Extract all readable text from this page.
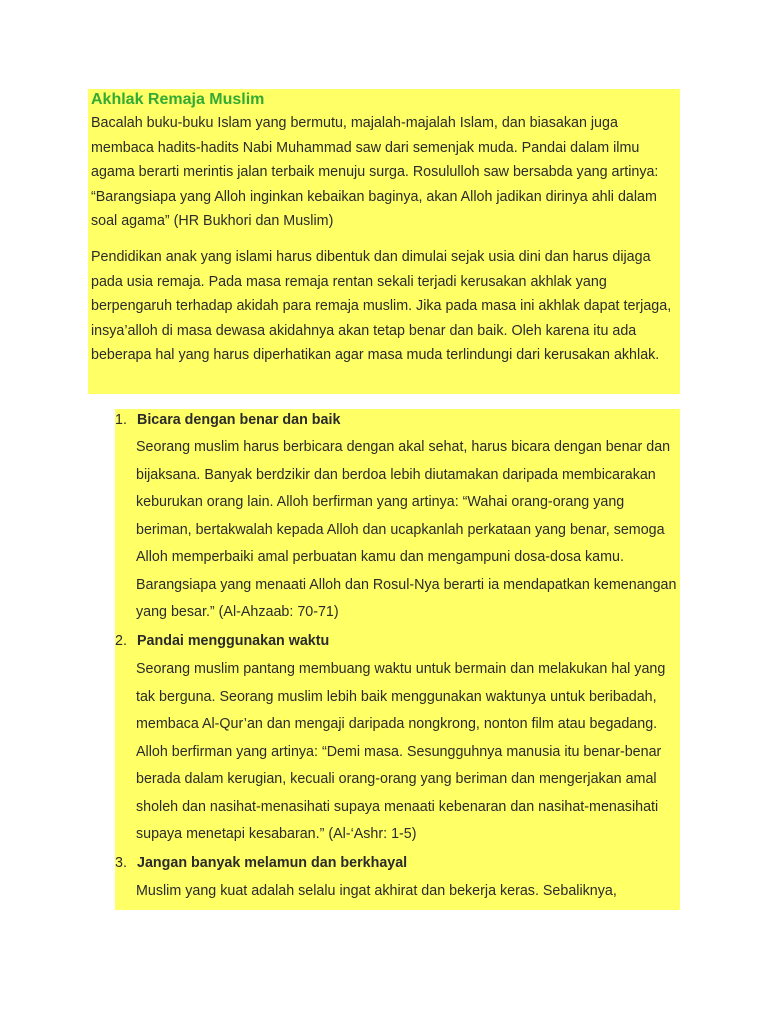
Akhlak Remaja Muslim

Bacalah buku-buku Islam yang bermutu, majalah-majalah Islam, dan biasakan juga membaca hadits-hadits Nabi Muhammad saw dari semenjak muda. Pandai dalam ilmu agama berarti merintis jalan terbaik menuju surga. Rosululloh saw bersabda yang artinya: “Barangsiapa yang Alloh inginkan kebaikan baginya, akan Alloh jadikan dirinya ahli dalam soal agama” (HR Bukhori dan Muslim)

Pendidikan anak yang islami harus dibentuk dan dimulai sejak usia dini dan harus dijaga pada usia remaja. Pada masa remaja rentan sekali terjadi kerusakan akhlak yang berpengaruh terhadap akidah para remaja muslim. Jika pada masa ini akhlak dapat terjaga, insya’alloh di masa dewasa akidahnya akan tetap benar dan baik. Oleh karena itu ada beberapa hal yang harus diperhatikan agar masa muda terlindungi dari kerusakan akhlak.

1. Bicara dengan benar dan baik

Seorang muslim harus berbicara dengan akal sehat, harus bicara dengan benar dan bijaksana. Banyak berdzikir dan berdoa lebih diutamakan daripada membicarakan keburukan orang lain. Alloh berfirman yang artinya: “Wahai orang-orang yang beriman, bertakwalah kepada Alloh dan ucapkanlah perkataan yang benar, semoga Alloh memperbaiki amal perbuatan kamu dan mengampuni dosa-dosa kamu. Barangsiapa yang menaati Alloh dan Rosul-Nya berarti ia mendapatkan kemenangan yang besar.” (Al-Ahzaab: 70-71)

2. Pandai menggunakan waktu

Seorang muslim pantang membuang waktu untuk bermain dan melakukan hal yang tak berguna. Seorang muslim lebih baik menggunakan waktunya untuk beribadah, membaca Al-Qur’an dan mengaji daripada nongkrong, nonton film atau begadang. Alloh berfirman yang artinya: “Demi masa. Sesungguhnya manusia itu benar-benar berada dalam kerugian, kecuali orang-orang yang beriman dan mengerjakan amal sholeh dan nasihat-menasihati supaya menaati kebenaran dan nasihat-menasihati supaya menetapi kesabaran.” (Al-‘Ashr: 1-5)

3. Jangan banyak melamun dan berkhayal

Muslim yang kuat adalah selalu ingat akhirat dan bekerja keras. Sebaliknya,
